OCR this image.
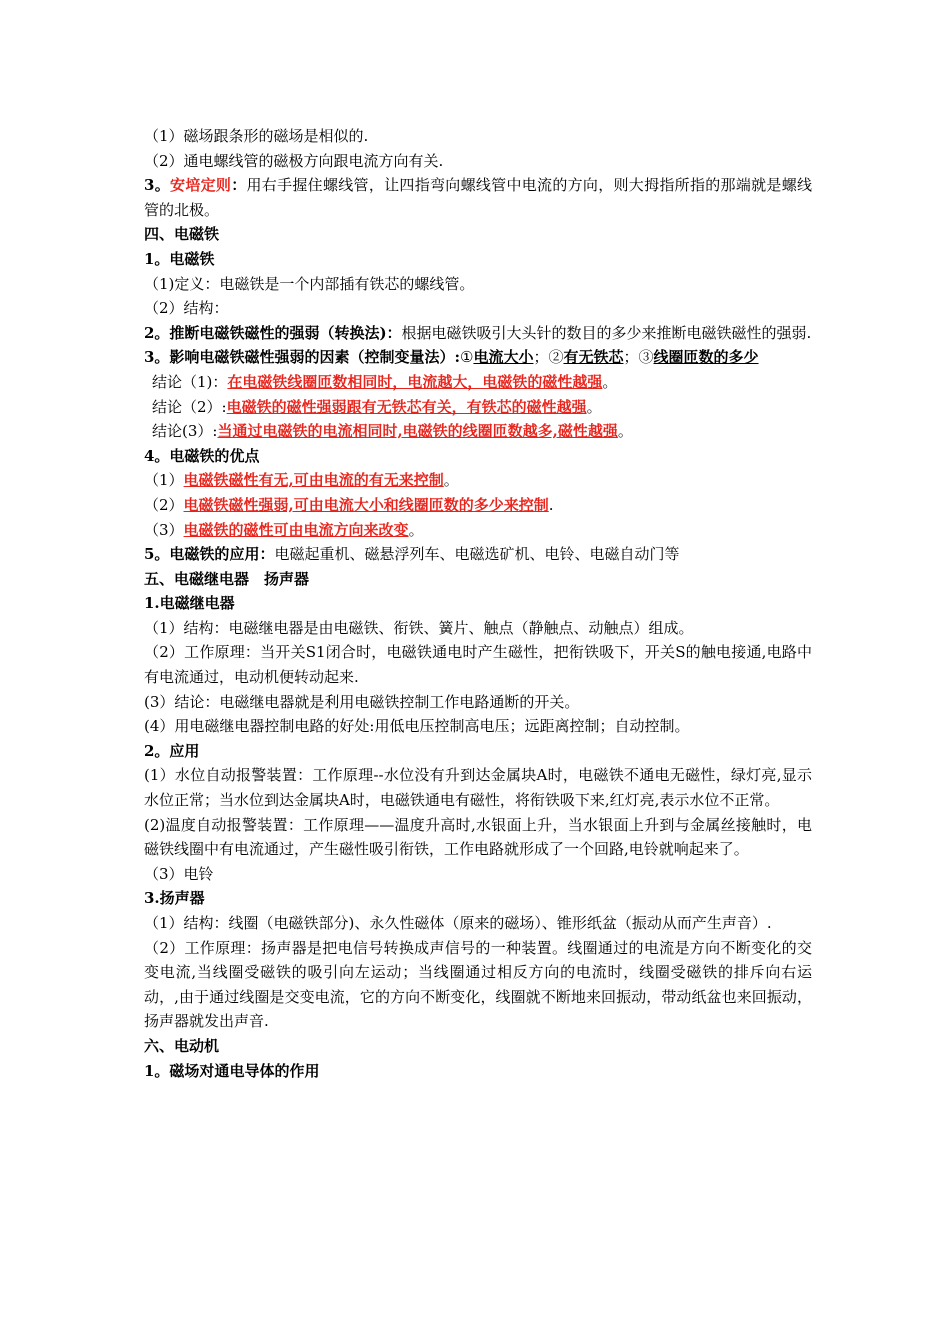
（1）磁场跟条形的磁场是相似的.
（2）通电螺线管的磁极方向跟电流方向有关.
3。安培定则：用右手握住螺线管，让四指弯向螺线管中电流的方向，则大拇指所指的那端就是螺线管的北极。
四、电磁铁
1。电磁铁
（1)定义：电磁铁是一个内部插有铁芯的螺线管。
（2）结构：
2。推断电磁铁磁性的强弱（转换法)：根据电磁铁吸引大头针的数目的多少来推断电磁铁磁性的强弱.
3。影响电磁铁磁性强弱的因素（控制变量法）:①电流大小；②有无铁芯；③线圈匝数的多少
结论（1)：在电磁铁线圈匝数相同时，电流越大，电磁铁的磁性越强。
结论（2）:电磁铁的磁性强弱跟有无铁芯有关，有铁芯的磁性越强。
结论(3）:当通过电磁铁的电流相同时,电磁铁的线圈匝数越多,磁性越强。
4。电磁铁的优点
（1）电磁铁磁性有无,可由电流的有无来控制。
（2）电磁铁磁性强弱,可由电流大小和线圈匝数的多少来控制.
（3）电磁铁的磁性可由电流方向来改变。
5。电磁铁的应用：电磁起重机、磁悬浮列车、电磁选矿机、电铃、电磁自动门等
五、电磁继电器　扬声器
1.电磁继电器
（1）结构：电磁继电器是由电磁铁、衔铁、簧片、触点（静触点、动触点）组成。
（2）工作原理：当开关S1闭合时，电磁铁通电时产生磁性，把衔铁吸下，开关S的触电接通,电路中有电流通过，电动机便转动起来.
(3）结论：电磁继电器就是利用电磁铁控制工作电路通断的开关。
(4）用电磁继电器控制电路的好处:用低电压控制高电压；远距离控制；自动控制。
2。应用
(1）水位自动报警装置：工作原理--水位没有升到达金属块A时，电磁铁不通电无磁性，绿灯亮,显示水位正常；当水位到达金属块A时，电磁铁通电有磁性，将衔铁吸下来,红灯亮,表示水位不正常。
(2)温度自动报警装置：工作原理——温度升高时,水银面上升，当水银面上升到与金属丝接触时，电磁铁线圈中有电流通过，产生磁性吸引衔铁，工作电路就形成了一个回路,电铃就响起来了。
（3）电铃
3.扬声器
（1）结构：线圈（电磁铁部分)、永久性磁体（原来的磁场）、锥形纸盆（振动从而产生声音）.
（2）工作原理：扬声器是把电信号转换成声信号的一种装置。线圈通过的电流是方向不断变化的交变电流,当线圈受磁铁的吸引向左运动；当线圈通过相反方向的电流时，线圈受磁铁的排斥向右运动，,由于通过线圈是交变电流，它的方向不断变化，线圈就不断地来回振动，带动纸盆也来回振动，扬声器就发出声音.
六、电动机
1。磁场对通电导体的作用
